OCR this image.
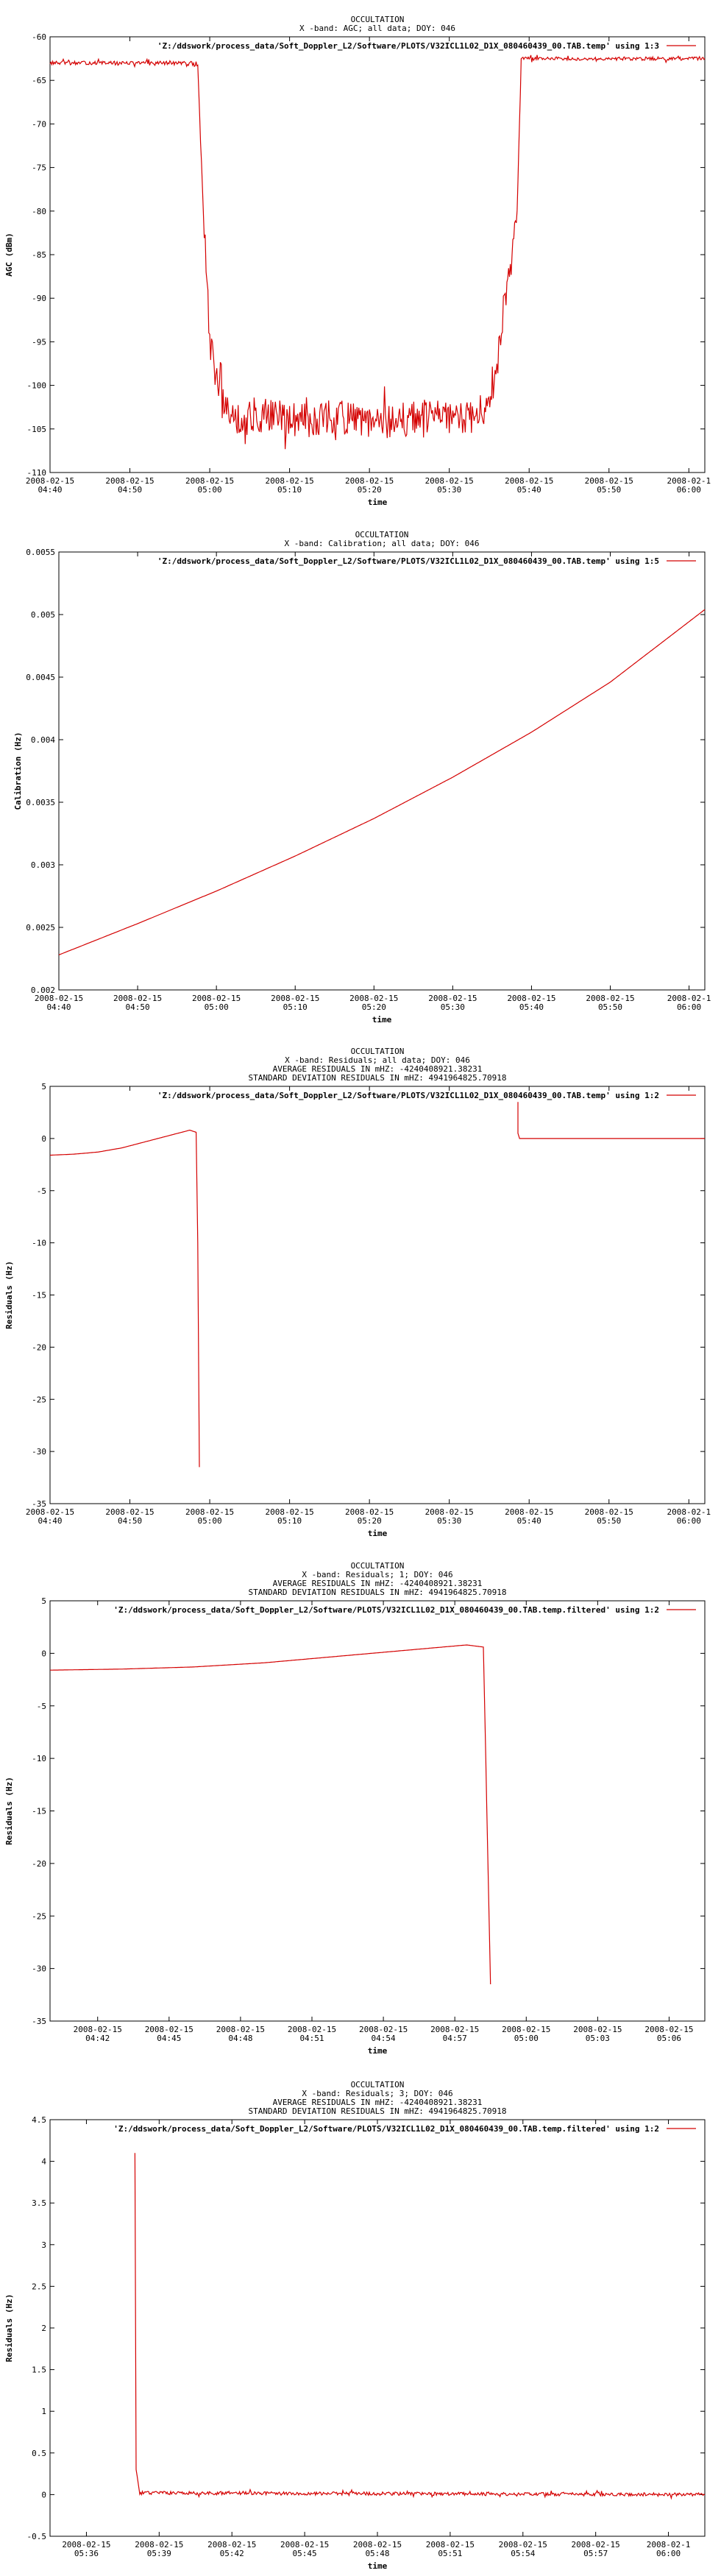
OCCULTATION
X -band: AGC; all data; DOY: 046
-60
-65
-70
-75
-80
-85
-90
-95
-100
-105
-110
2008-02-15
04:40
2008-02-15
04:50
2008-02-15
05:00
2008-02-15
05:10
2008-02-15
05:20
2008-02-15
05:30
2008-02-15
05:40
2008-02-15
05:50
2008-02-1
06:00
time
AGC (dBm)
'Z:/ddswork/process_data/Soft_Doppler_L2/Software/PLOTS/V32ICL1L02_D1X_080460439_00.TAB.temp' using 1:3
OCCULTATION
X -band: Calibration; all data; DOY: 046
0.002
0.0025
0.003
0.0035
0.004
0.0045
0.005
0.0055
2008-02-15
04:40
2008-02-15
04:50
2008-02-15
05:00
2008-02-15
05:10
2008-02-15
05:20
2008-02-15
05:30
2008-02-15
05:40
2008-02-15
05:50
2008-02-1
06:00
time
Calibration (Hz)
'Z:/ddswork/process_data/Soft_Doppler_L2/Software/PLOTS/V32ICL1L02_D1X_080460439_00.TAB.temp' using 1:5
OCCULTATION
X -band: Residuals; all data; DOY: 046
AVERAGE RESIDUALS IN mHZ: -4240408921.38231
STANDARD DEVIATION RESIDUALS IN mHZ: 4941964825.70918
5
0
-5
-10
-15
-20
-25
-30
-35
2008-02-15
04:40
2008-02-15
04:50
2008-02-15
05:00
2008-02-15
05:10
2008-02-15
05:20
2008-02-15
05:30
2008-02-15
05:40
2008-02-15
05:50
2008-02-1
06:00
time
Residuals (Hz)
'Z:/ddswork/process_data/Soft_Doppler_L2/Software/PLOTS/V32ICL1L02_D1X_080460439_00.TAB.temp' using 1:2
OCCULTATION
X -band: Residuals; 1; DOY: 046
AVERAGE RESIDUALS IN mHZ: -4240408921.38231
STANDARD DEVIATION RESIDUALS IN mHZ: 4941964825.70918
5
0
-5
-10
-15
-20
-25
-30
-35
2008-02-15
04:42
2008-02-15
04:45
2008-02-15
04:48
2008-02-15
04:51
2008-02-15
04:54
2008-02-15
04:57
2008-02-15
05:00
2008-02-15
05:03
2008-02-15
05:06
time
Residuals (Hz)
'Z:/ddswork/process_data/Soft_Doppler_L2/Software/PLOTS/V32ICL1L02_D1X_080460439_00.TAB.temp.filtered' using 1:2
OCCULTATION
X -band: Residuals; 3; DOY: 046
AVERAGE RESIDUALS IN mHZ: -4240408921.38231
STANDARD DEVIATION RESIDUALS IN mHZ: 4941964825.70918
4.5
4
3.5
3
2.5
2
1.5
1
0.5
0
-0.5
2008-02-15
05:36
2008-02-15
05:39
2008-02-15
05:42
2008-02-15
05:45
2008-02-15
05:48
2008-02-15
05:51
2008-02-15
05:54
2008-02-15
05:57
2008-02-1
06:00
time
Residuals (Hz)
'Z:/ddswork/process_data/Soft_Doppler_L2/Software/PLOTS/V32ICL1L02_D1X_080460439_00.TAB.temp.filtered' using 1:2
